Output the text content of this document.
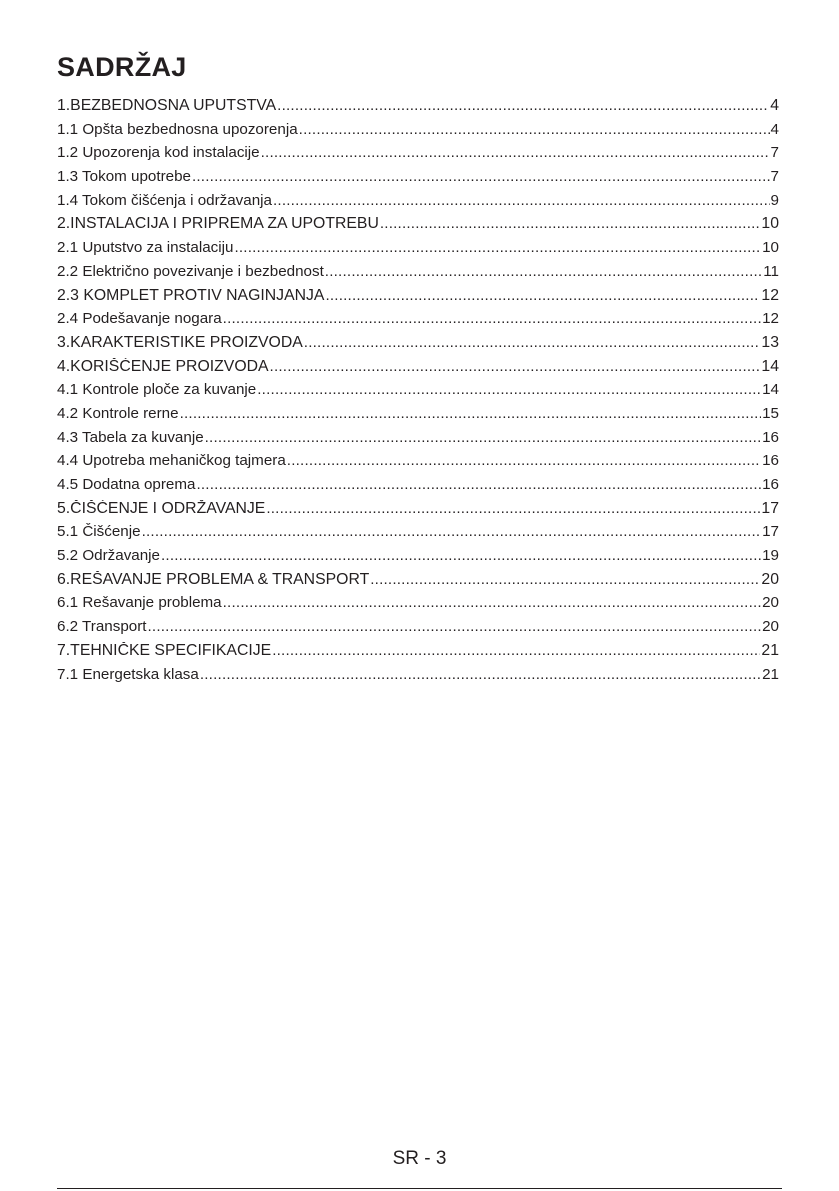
SADRŽAJ
1.BEZBEDNOSNA UPUTSTVA .....	4
1.1 Opšta bezbednosna upozorenja .....	4
1.2 Upozorenja kod instalacije .....	7
1.3 Tokom upotrebe .....	7
1.4 Tokom čišćenja i održavanja .....	9
2.INSTALACIJA I PRIPREMA ZA UPOTREBU .....	10
2.1 Uputstvo za instalaciju .....	10
2.2 Električno povezivanje i bezbednost .....	11
2.3 KOMPLET PROTIV NAGINJANJA .....	12
2.4 Podešavanje nogara .....	12
3.KARAKTERISTIKE PROIZVODA .....	13
4.KORIŠĆENJE PROIZVODA .....	14
4.1 Kontrole ploče za kuvanje .....	14
4.2 Kontrole rerne .....	15
4.3 Tabela za kuvanje .....	16
4.4 Upotreba mehaničkog tajmera .....	16
4.5 Dodatna oprema .....	16
5.ČIŠĆENJE I ODRŽAVANJE .....	17
5.1 Čišćenje .....	17
5.2 Održavanje .....	19
6.REŠAVANJE PROBLEMA & TRANSPORT .....	20
6.1 Rešavanje problema .....	20
6.2 Transport .....	20
7.TEHNIČKE SPECIFIKACIJE .....	21
7.1 Energetska klasa .....	21
SR - 3
